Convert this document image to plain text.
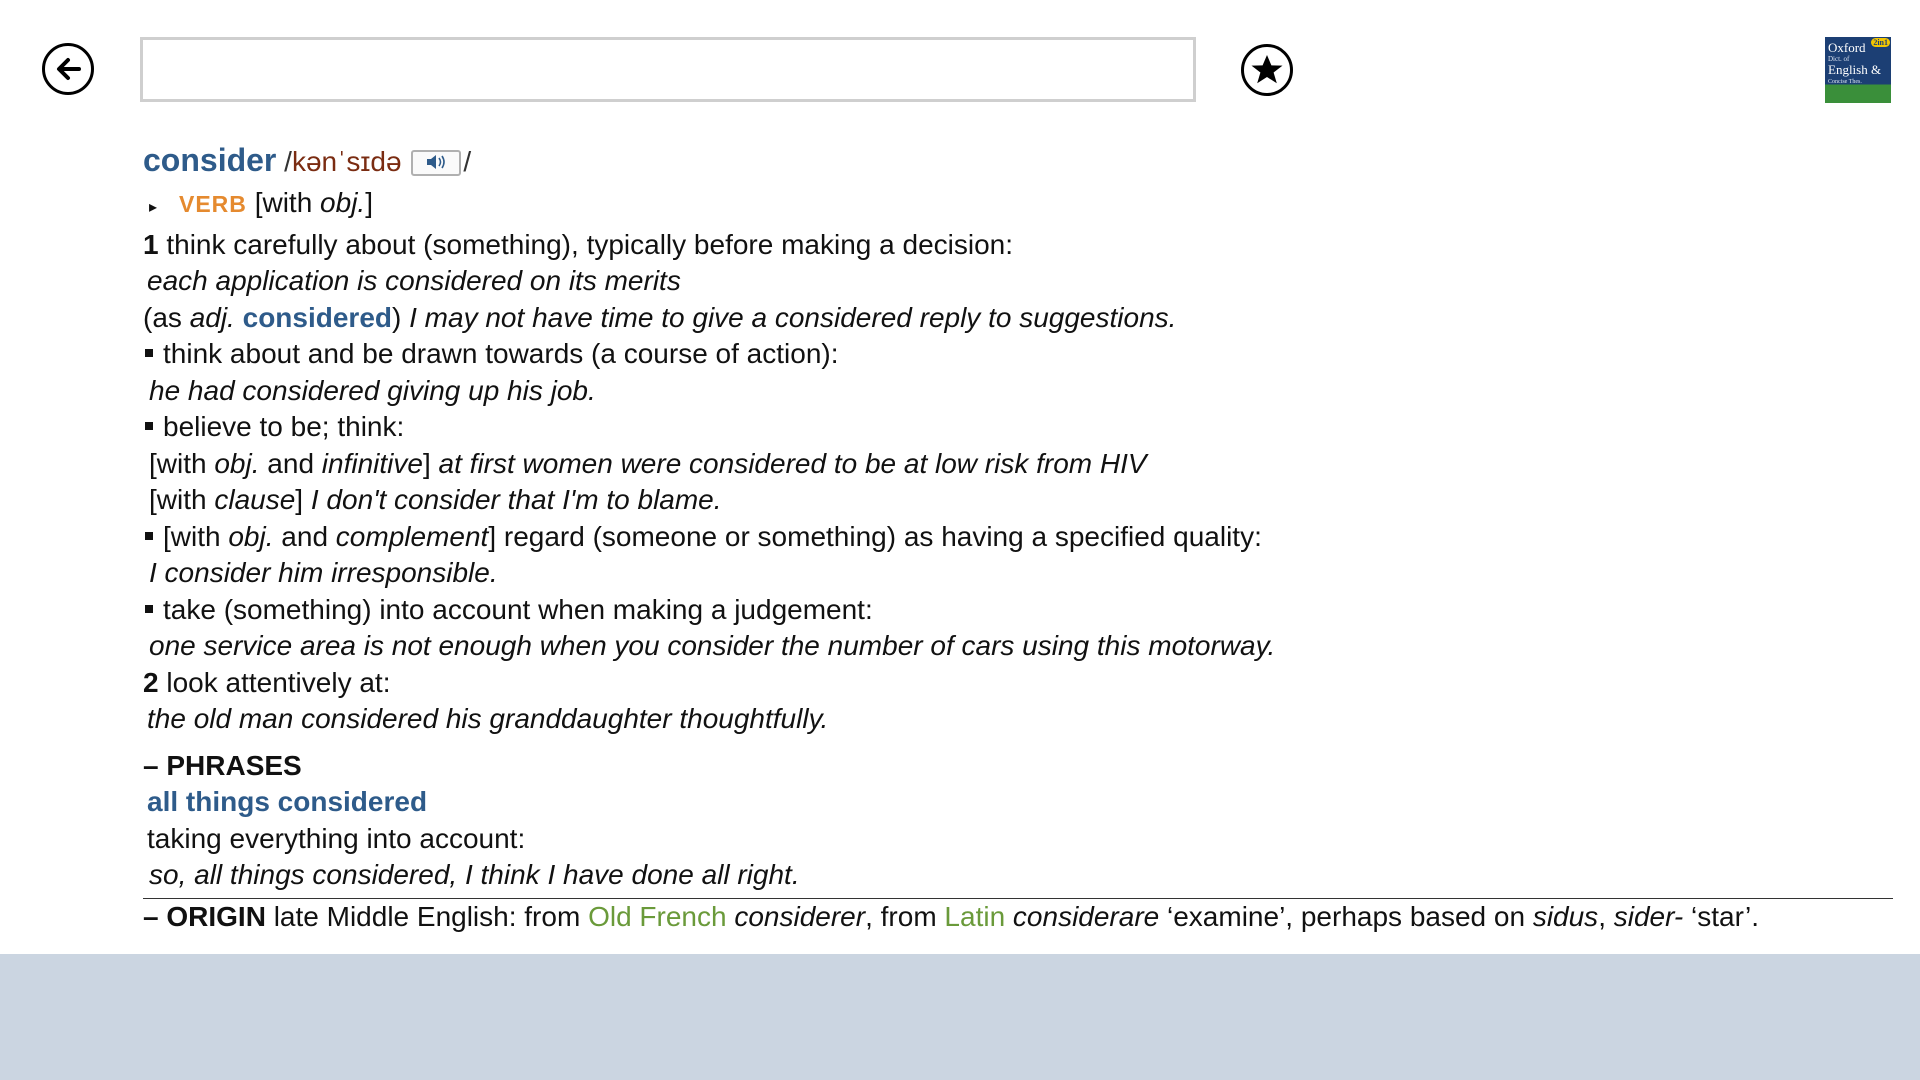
2in1
Oxford
Dict. of
English &
Concise Thes.
consider /kənˈsɪdə /
▸ VERB [with obj.]
1 think carefully about (something), typically before making a decision:
each application is considered on its merits
(as adj. considered) I may not have time to give a considered reply to suggestions.
think about and be drawn towards (a course of action):
he had considered giving up his job.
believe to be; think:
[with obj. and infinitive] at first women were considered to be at low risk from HIV
[with clause] I don't consider that I'm to blame.
[with obj. and complement] regard (someone or something) as having a specified quality:
I consider him irresponsible.
take (something) into account when making a judgement:
one service area is not enough when you consider the number of cars using this motorway.
2 look attentively at:
the old man considered his granddaughter thoughtfully.
– PHRASES
all things considered
taking everything into account:
so, all things considered, I think I have done all right.
– ORIGIN late Middle English: from Old French considerer, from Latin considerare ‘examine’, perhaps based on sidus, sider- ‘star’.
